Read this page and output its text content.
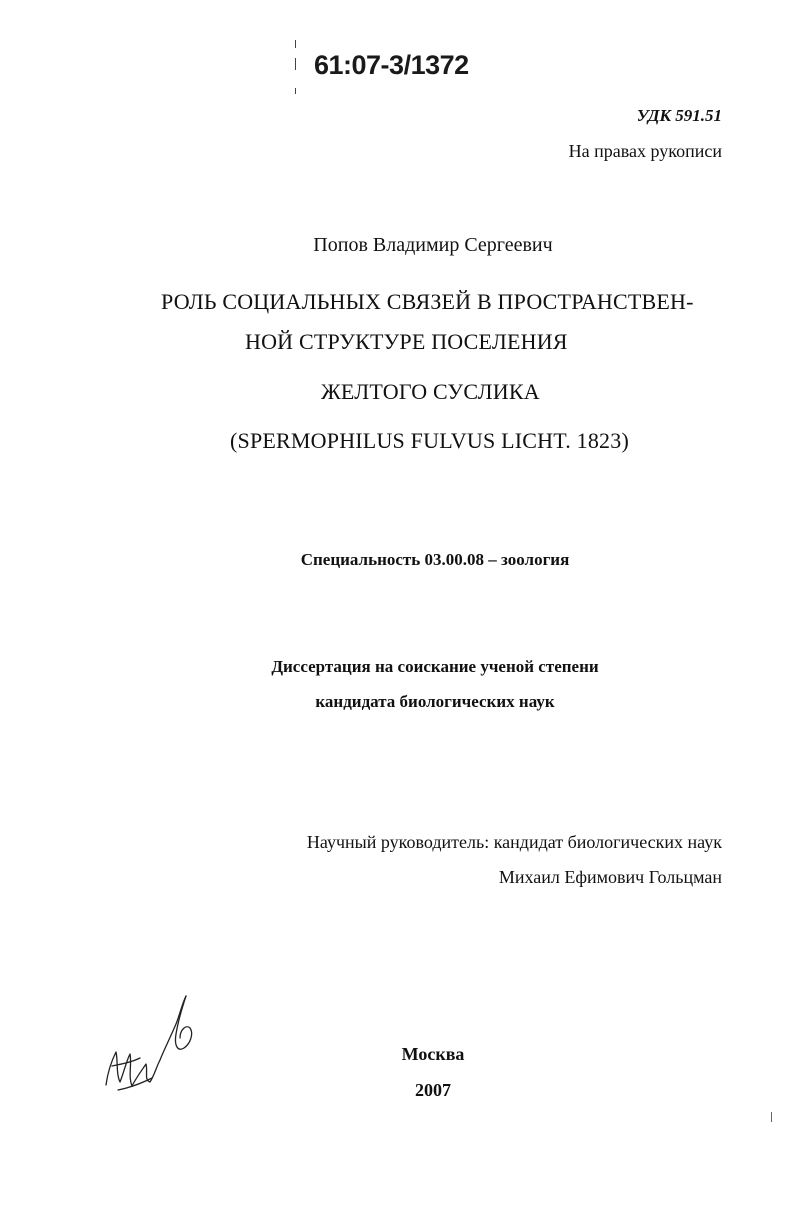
61:07-3/1372
УДК 591.51
На правах рукописи
Попов Владимир Сергеевич
РОЛЬ СОЦИАЛЬНЫХ СВЯЗЕЙ В ПРОСТРАНСТВЕН-
НОЙ СТРУКТУРЕ ПОСЕЛЕНИЯ
ЖЕЛТОГО СУСЛИКА
(SPERMOPHILUS FULVUS LICHT. 1823)
Специальность 03.00.08 – зоология
Диссертация на соискание ученой степени
кандидата биологических наук
Научный руководитель: кандидат биологических наук
Михаил Ефимович Гольцман
Москва
2007
